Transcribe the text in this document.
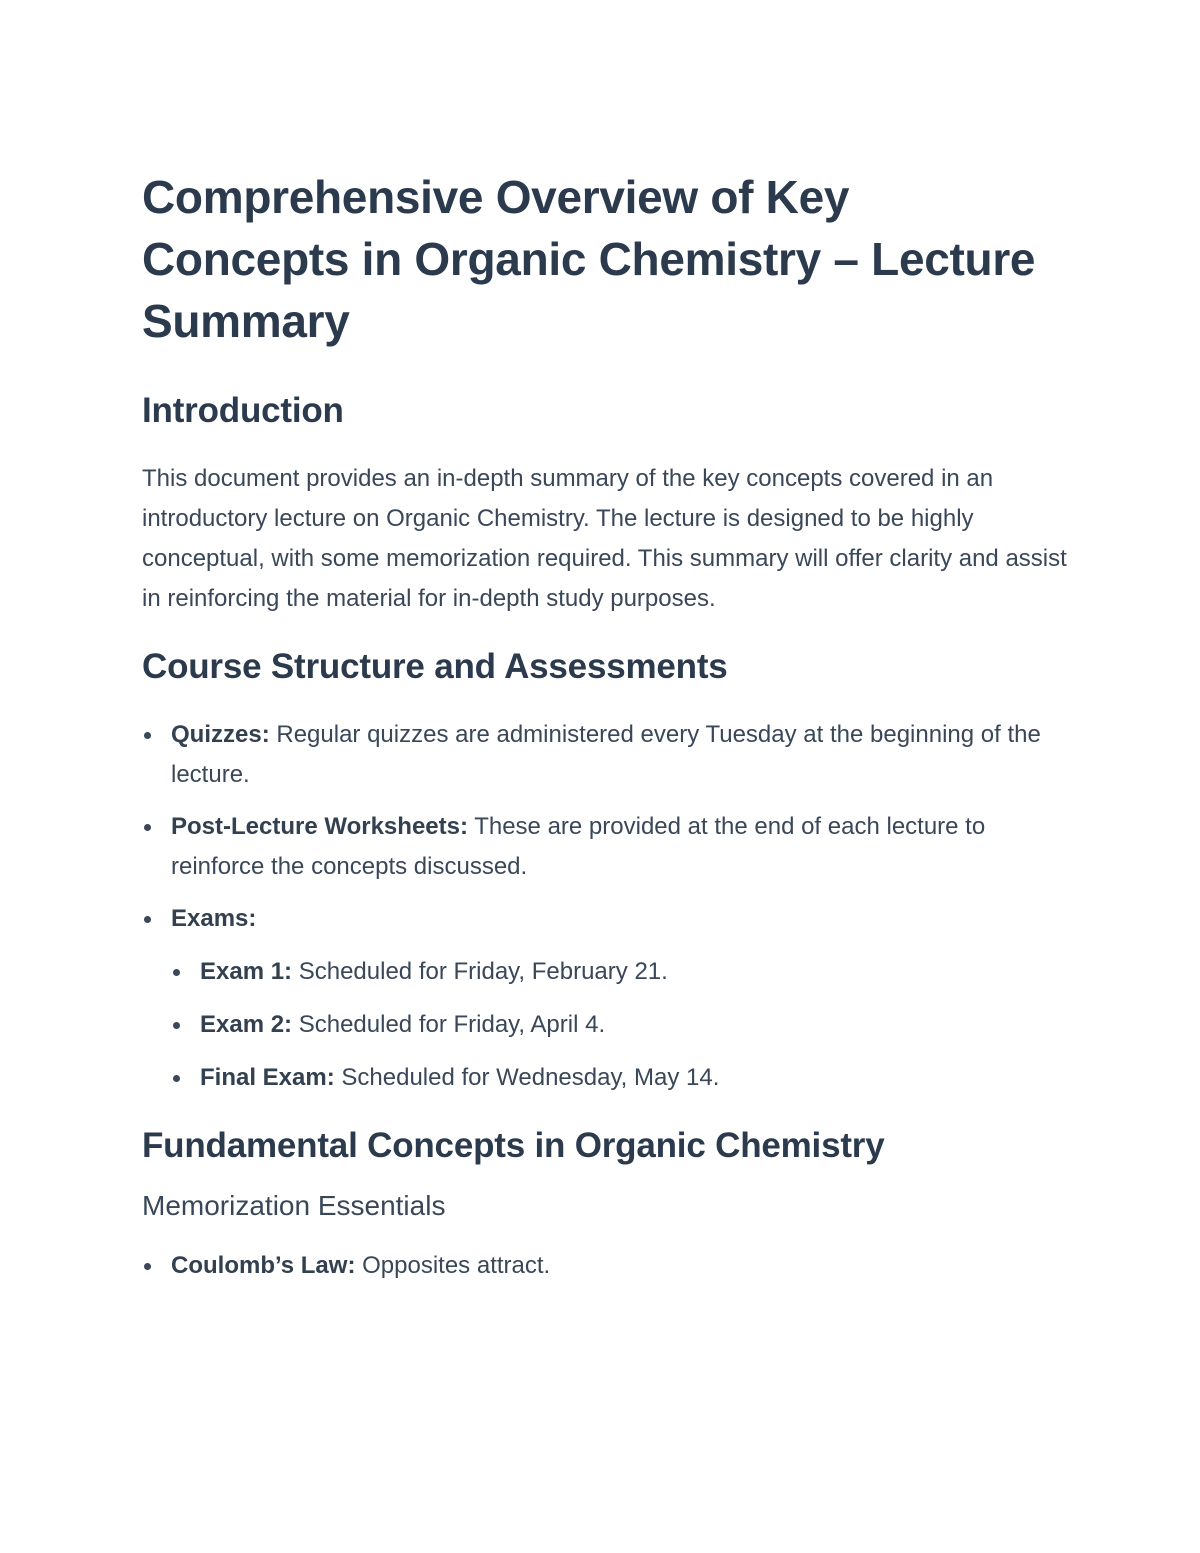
Comprehensive Overview of Key Concepts in Organic Chemistry – Lecture Summary
Introduction

This document provides an in-depth summary of the key concepts covered in an introductory lecture on Organic Chemistry. The lecture is designed to be highly conceptual, with some memorization required. This summary will offer clarity and assist in reinforcing the material for in-depth study purposes.

Course Structure and Assessments
Quizzes: Regular quizzes are administered every Tuesday at the beginning of the lecture.
Post-Lecture Worksheets: These are provided at the end of each lecture to reinforce the concepts discussed.
Exams:
Exam 1: Scheduled for Friday, February 21.
Exam 2: Scheduled for Friday, April 4.
Final Exam: Scheduled for Wednesday, May 14.
Fundamental Concepts in Organic Chemistry
Memorization Essentials
Coulomb’s Law: Opposites attract.
